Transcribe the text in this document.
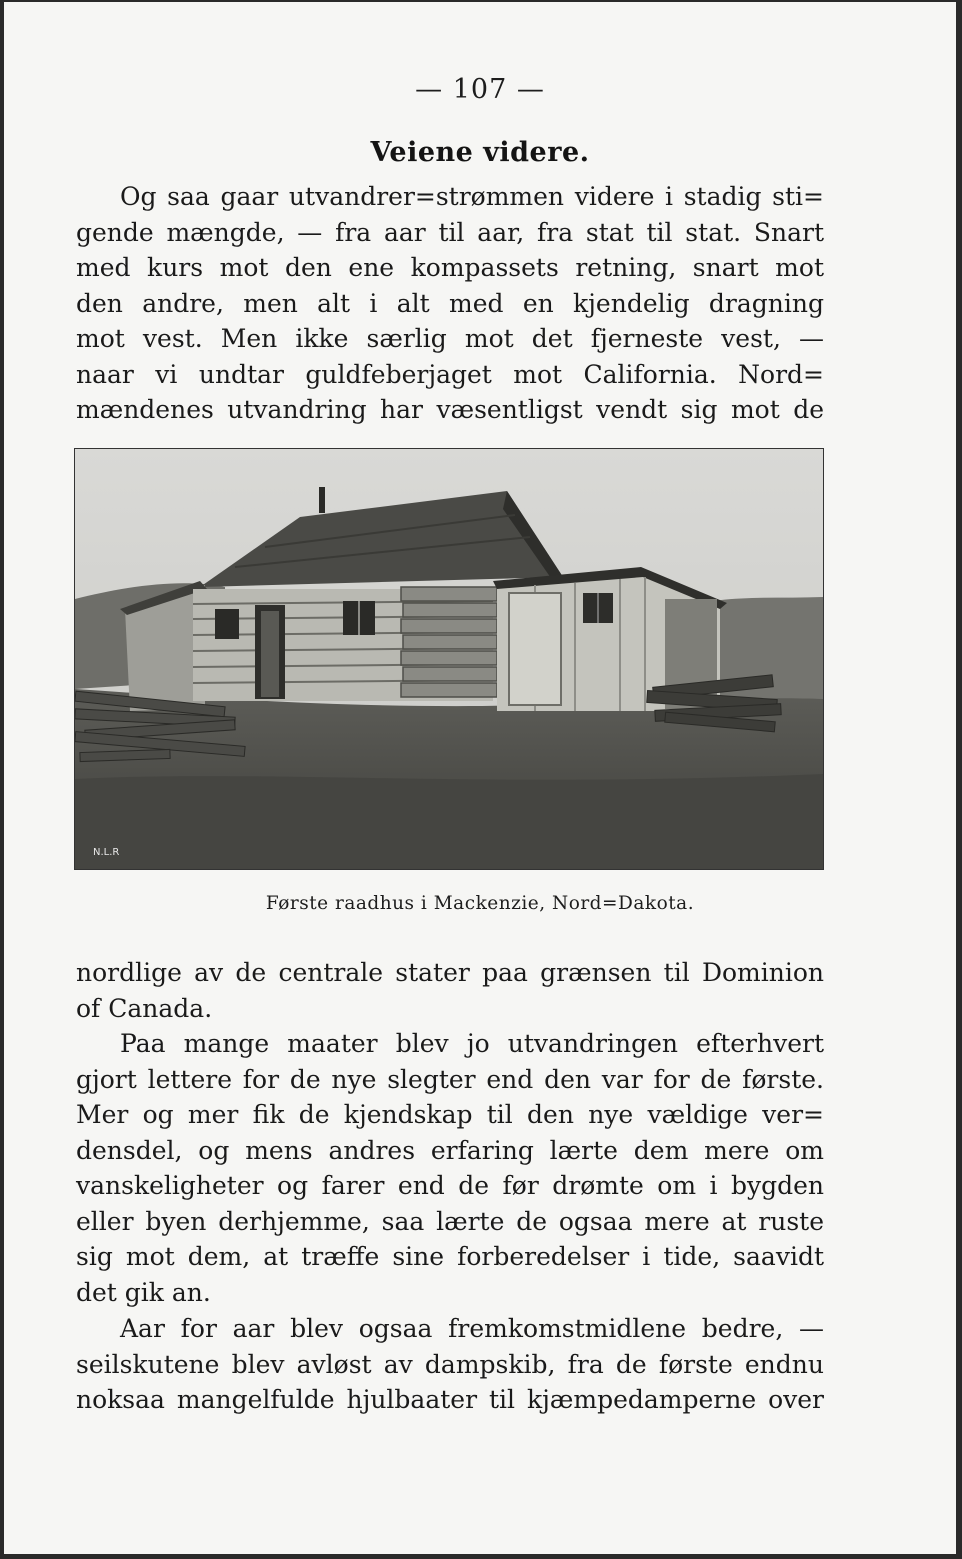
— 107 —
Veiene videre.
Og saa gaar utvandrer=strømmen videre i stadig sti=
gende mængde, — fra aar til aar, fra stat til stat. Snart
med kurs mot den ene kompassets retning, snart mot
den andre, men alt i alt med en kjendelig dragning
mot vest. Men ikke særlig mot det fjerneste vest, —
naar vi undtar guldfeberjaget mot California. Nord=
mændenes utvandring har væsentligst vendt sig mot de
N.L.R
Første raadhus i Mackenzie, Nord=Dakota.
nordlige av de centrale stater paa grænsen til Dominion
of Canada.
Paa mange maater blev jo utvandringen efterhvert
gjort lettere for de nye slegter end den var for de første.
Mer og mer fik de kjendskap til den nye vældige ver=
densdel, og mens andres erfaring lærte dem mere om
vanskeligheter og farer end de før drømte om i bygden
eller byen derhjemme, saa lærte de ogsaa mere at ruste
sig mot dem, at træffe sine forberedelser i tide, saavidt
det gik an.
Aar for aar blev ogsaa fremkomstmidlene bedre, —
seilskutene blev avløst av dampskib, fra de første endnu
noksaa mangelfulde hjulbaater til kjæmpedamperne over
